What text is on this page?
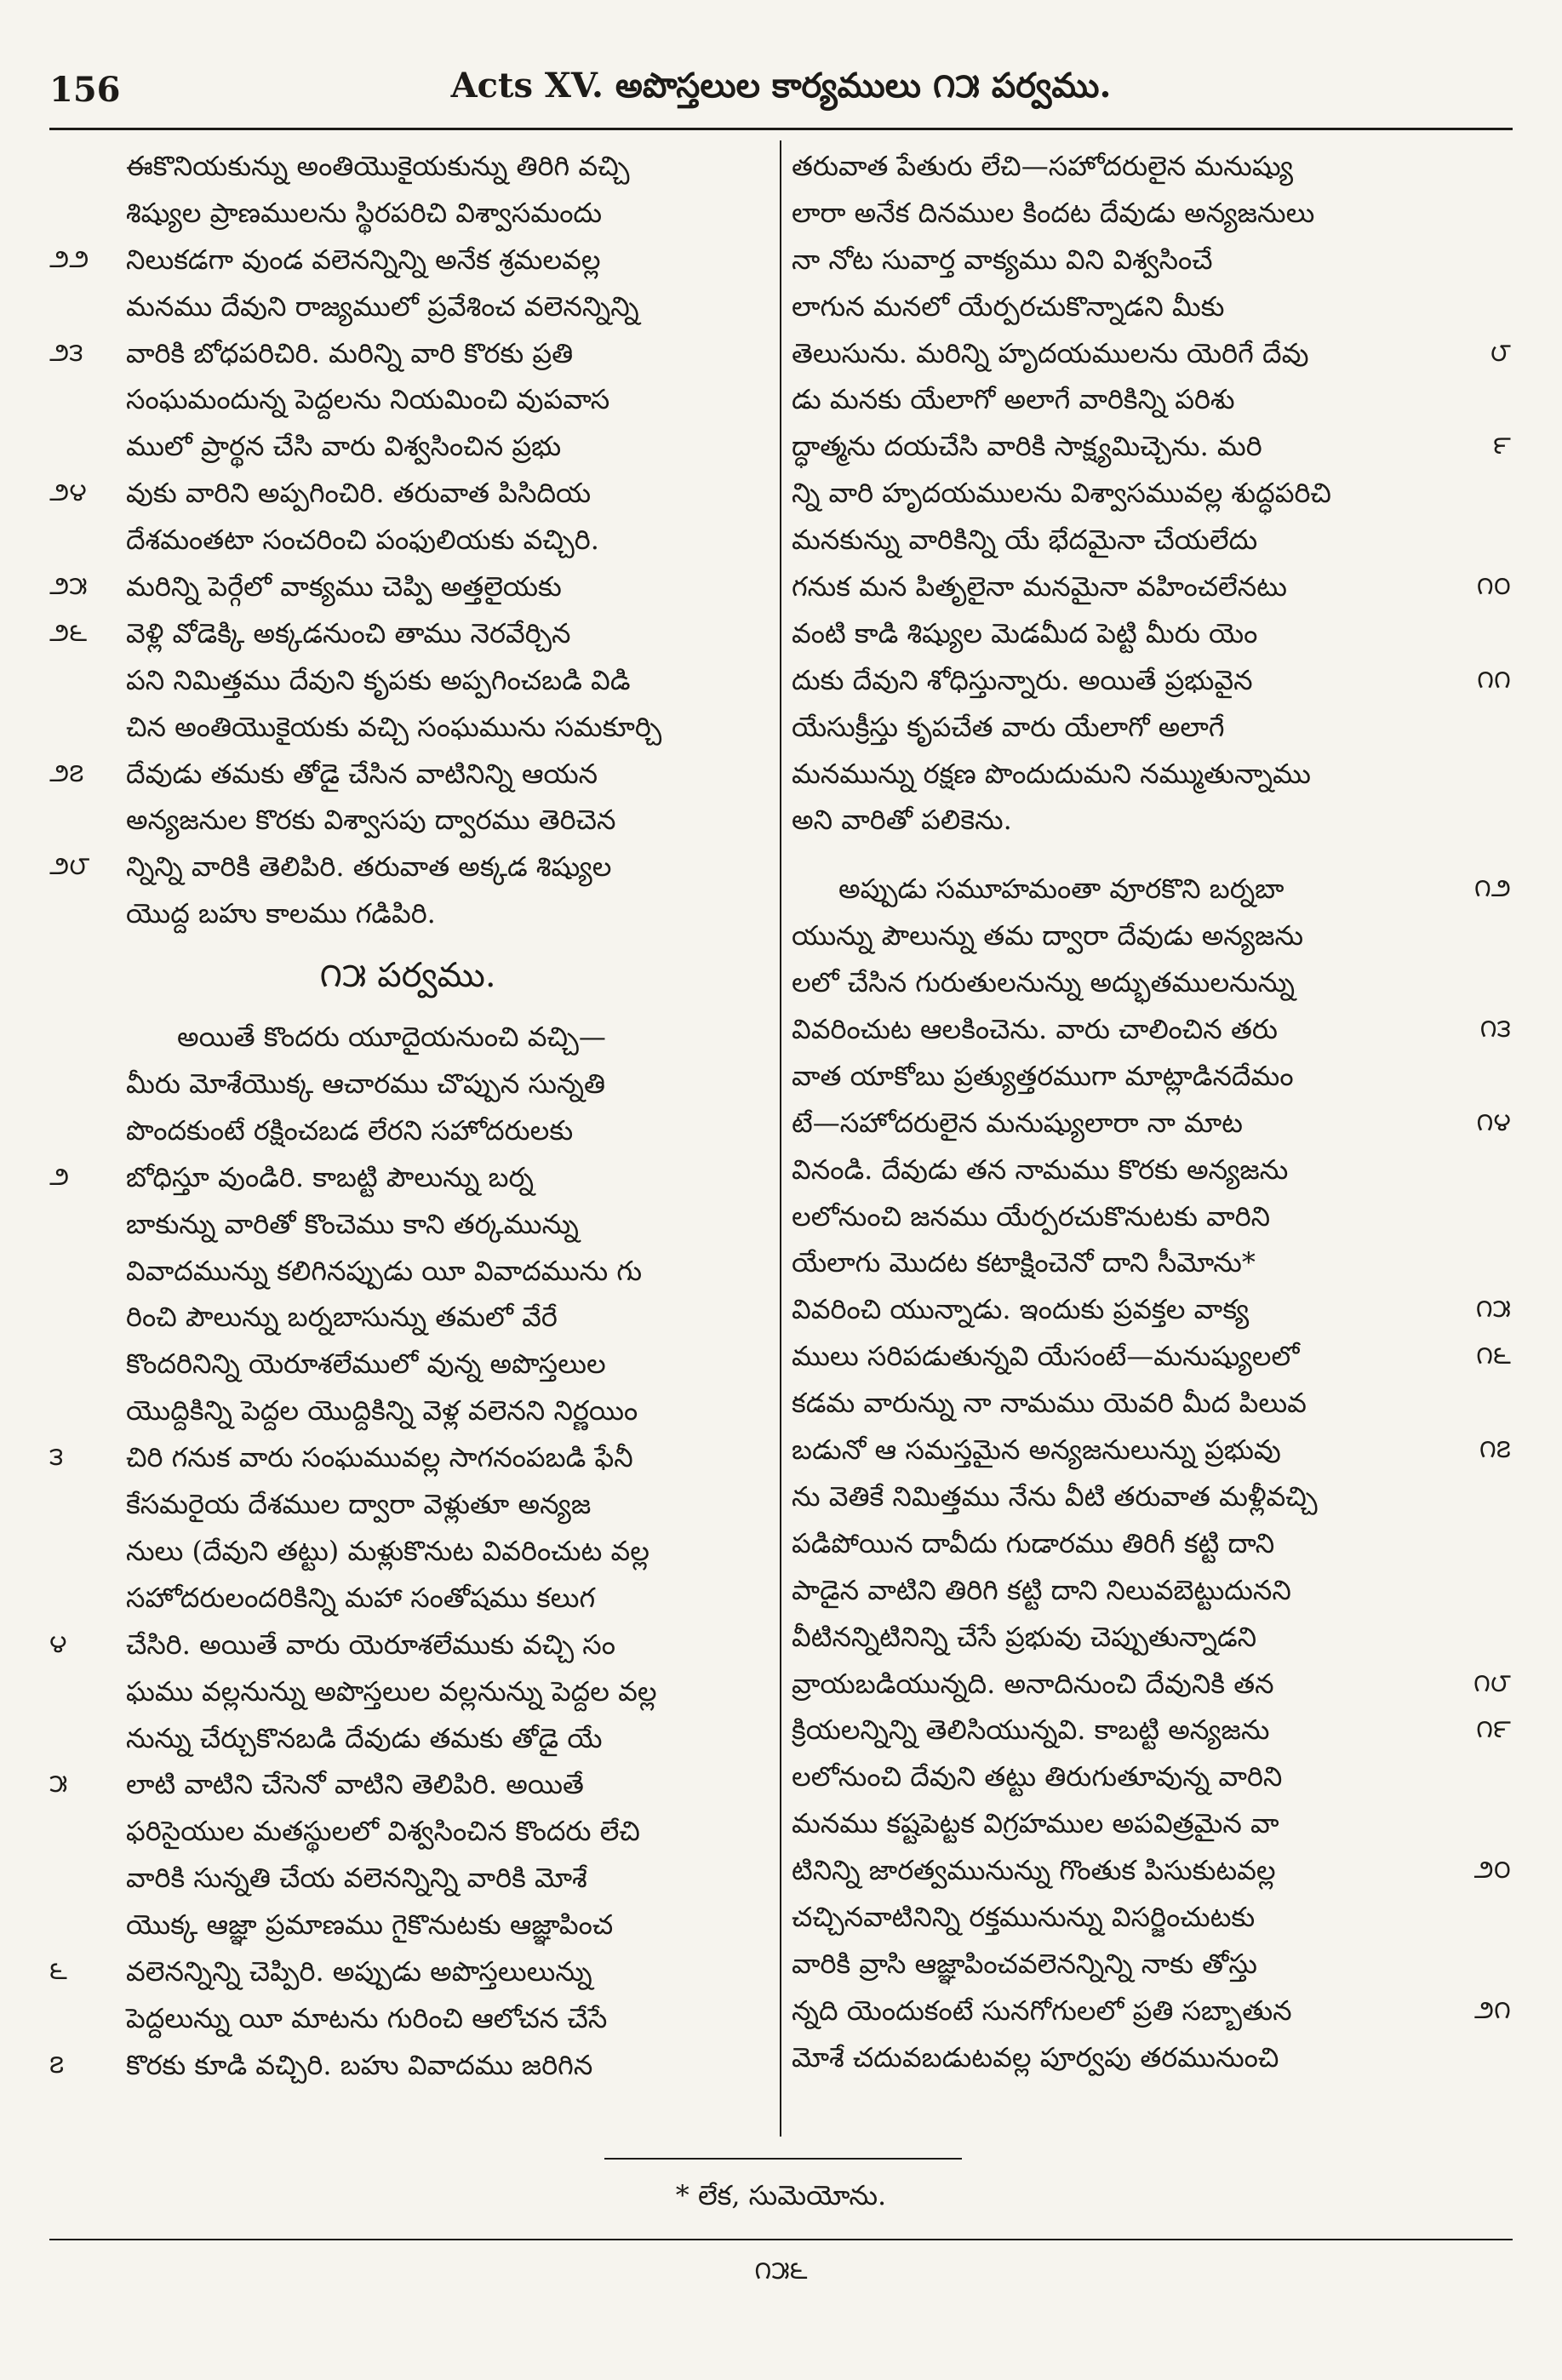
156	Acts XV. అపొస్తలుల కార్యములు ౧౫ పర్వము.
ఈకొనియకున్ను అంతియొకైయకున్ను తిరిగి వచ్చి
శిష్యుల ప్రాణములను స్థిరపరిచి విశ్వాసమందు
౨౨	నిలుకడగా వుండ వలెనన్నిన్ని అనేక శ్రమలవల్ల
మనము దేవుని రాజ్యములో ప్రవేశించ వలెనన్నిన్ని
౨౩	వారికి బోధపరిచిరి. మరిన్ని వారి కొరకు ప్రతి
సంఘమందున్న పెద్దలను నియమించి వుపవాస
ములో ప్రార్థన చేసి వారు విశ్వసించిన ప్రభు
౨౪	వుకు వారిని అప్పగించిరి. తరువాత పిసిదియ
దేశమంతటా సంచరించి పంఫులియకు వచ్చిరి.
౨౫	మరిన్ని పెర్గేలో వాక్యము చెప్పి అత్తలైయకు
౨౬	వెళ్లి వోడెక్కి అక్కడనుంచి తాము నెరవేర్చిన
పని నిమిత్తము దేవుని కృపకు అప్పగించబడి విడి
చిన అంతియొకైయకు వచ్చి సంఘమును సమకూర్చి
౨౭	దేవుడు తమకు తోడై చేసిన వాటినిన్ని ఆయన
అన్యజనుల కొరకు విశ్వాసపు ద్వారము తెరిచెన
౨౮	న్నిన్ని వారికి తెలిపిరి. తరువాత అక్కడ శిష్యుల
యొద్ద బహు కాలము గడిపిరి.
౧౫ పర్వము.
అయితే కొందరు యూదైయనుంచి వచ్చి—
మీరు మోశేయొక్క ఆచారము చొప్పున సున్నతి
పొందకుంటే రక్షించబడ లేరని సహోదరులకు
౨	బోధిస్తూ వుండిరి. కాబట్టి పౌలున్ను బర్న
బాకున్ను వారితో కొంచెము కాని తర్కమున్ను
వివాదమున్ను కలిగినప్పుడు యీ వివాదమును గు
రించి పౌలున్ను బర్నబాసున్ను తమలో వేరే
కొందరినిన్ని యెరూశలేములో వున్న అపొస్తలుల
యొద్దికిన్ని పెద్దల యొద్దికిన్ని వెళ్ల వలెనని నిర్ణయిం
౩	చిరి గనుక వారు సంఘమువల్ల సాగనంపబడి ఫేనీ
కేసమరైయ దేశముల ద్వారా వెళ్లుతూ అన్యజ
నులు (దేవుని తట్టు) మళ్లుకొనుట వివరించుట వల్ల
సహోదరులందరికిన్ని మహా సంతోషము కలుగ
౪	చేసిరి. అయితే వారు యెరూశలేముకు వచ్చి సం
ఘము వల్లనున్ను అపొస్తలుల వల్లనున్ను పెద్దల వల్ల
నున్ను చేర్చుకొనబడి దేవుడు తమకు తోడై యే
౫	లాటి వాటిని చేసెనో వాటిని తెలిపిరి. అయితే
ఫరిసైయుల మతస్థులలో విశ్వసించిన కొందరు లేచి
వారికి సున్నతి చేయ వలెనన్నిన్ని వారికి మోశే
యొక్క ఆజ్ఞా ప్రమాణము గైకొనుటకు ఆజ్ఞాపించ
౬	వలెనన్నిన్ని చెప్పిరి. అప్పుడు అపొస్తలులున్ను
పెద్దలున్ను యీ మాటను గురించి ఆలోచన చేసే
౭	కొరకు కూడి వచ్చిరి. బహు వివాదము జరిగిన
తరువాత పేతురు లేచి—సహోదరులైన మనుష్యు
లారా అనేక దినముల కిందట దేవుడు అన్యజనులు
నా నోట సువార్త వాక్యము విని విశ్వసించే
లాగున మనలో యేర్పరచుకొన్నాడని మీకు
౮
తెలుసును. మరిన్ని హృదయములను యెరిగే దేవు
డు మనకు యేలాగో అలాగే వారికిన్ని పరిశు
౯
ద్ధాత్మను దయచేసి వారికి సాక్ష్యమిచ్చెను. మరి
న్ని వారి హృదయములను విశ్వాసమువల్ల శుద్ధపరిచి
మనకున్ను వారికిన్ని యే భేదమైనా చేయలేదు
౧౦
గనుక మన పితృలైనా మనమైనా వహించలేనటు
వంటి కాడి శిష్యుల మెడమీద పెట్టి మీరు యెం
౧౧
దుకు దేవుని శోధిస్తున్నారు. అయితే ప్రభువైన
యేసుక్రీస్తు కృపచేత వారు యేలాగో అలాగే
మనమున్ను రక్షణ పొందుదుమని నమ్ముతున్నాము
అని వారితో పలికెను.
౧౨
అప్పుడు సమూహమంతా వూరకొని బర్నబా
యున్ను పౌలున్ను తమ ద్వారా దేవుడు అన్యజను
లలో చేసిన గురుతులనున్ను అద్భుతములనున్ను
౧౩
వివరించుట ఆలకించెను. వారు చాలించిన తరు
వాత యాకోబు ప్రత్యుత్తరముగా మాట్లాడినదేమం
౧౪
టే—సహోదరులైన మనుష్యులారా నా మాట
వినండి. దేవుడు తన నామము కొరకు అన్యజను
లలోనుంచి జనము యేర్పరచుకొనుటకు వారిని
యేలాగు మొదట కటాక్షించెనో దాని సీమోను*
౧౫
వివరించి యున్నాడు. ఇందుకు ప్రవక్తల వాక్య
౧౬
ములు సరిపడుతున్నవి యేసంటే—మనుష్యులలో
కడమ వారున్ను నా నామము యెవరి మీద పిలువ
౧౭
బడునో ఆ సమస్తమైన అన్యజనులున్ను ప్రభువు
ను వెతికే నిమిత్తము నేను వీటి తరువాత మళ్లీవచ్చి
పడిపోయిన దావీదు గుడారము తిరిగీ కట్టి దాని
పాడైన వాటిని తిరిగి కట్టి దాని నిలువబెట్టుదునని
వీటినన్నిటినిన్ని చేసే ప్రభువు చెప్పుతున్నాడని
౧౮
వ్రాయబడియున్నది. అనాదినుంచి దేవునికి తన
౧౯
క్రియలన్నిన్ని తెలిసియున్నవి. కాబట్టి అన్యజను
లలోనుంచి దేవుని తట్టు తిరుగుతూవున్న వారిని
మనము కష్టపెట్టక విగ్రహముల అపవిత్రమైన వా
౨౦
టినిన్ని జారత్వమునున్ను గొంతుక పిసుకుటవల్ల
చచ్చినవాటినిన్ని రక్తమునున్ను విసర్జించుటకు
వారికి వ్రాసి ఆజ్ఞాపించవలెనన్నిన్ని నాకు తోస్తు
౨౧
న్నది యెందుకంటే సునగోగులలో ప్రతి సబ్బాతున
మోశే చదువబడుటవల్ల పూర్వపు తరమునుంచి
* లేక, సుమెయోను.
౧౫౬
